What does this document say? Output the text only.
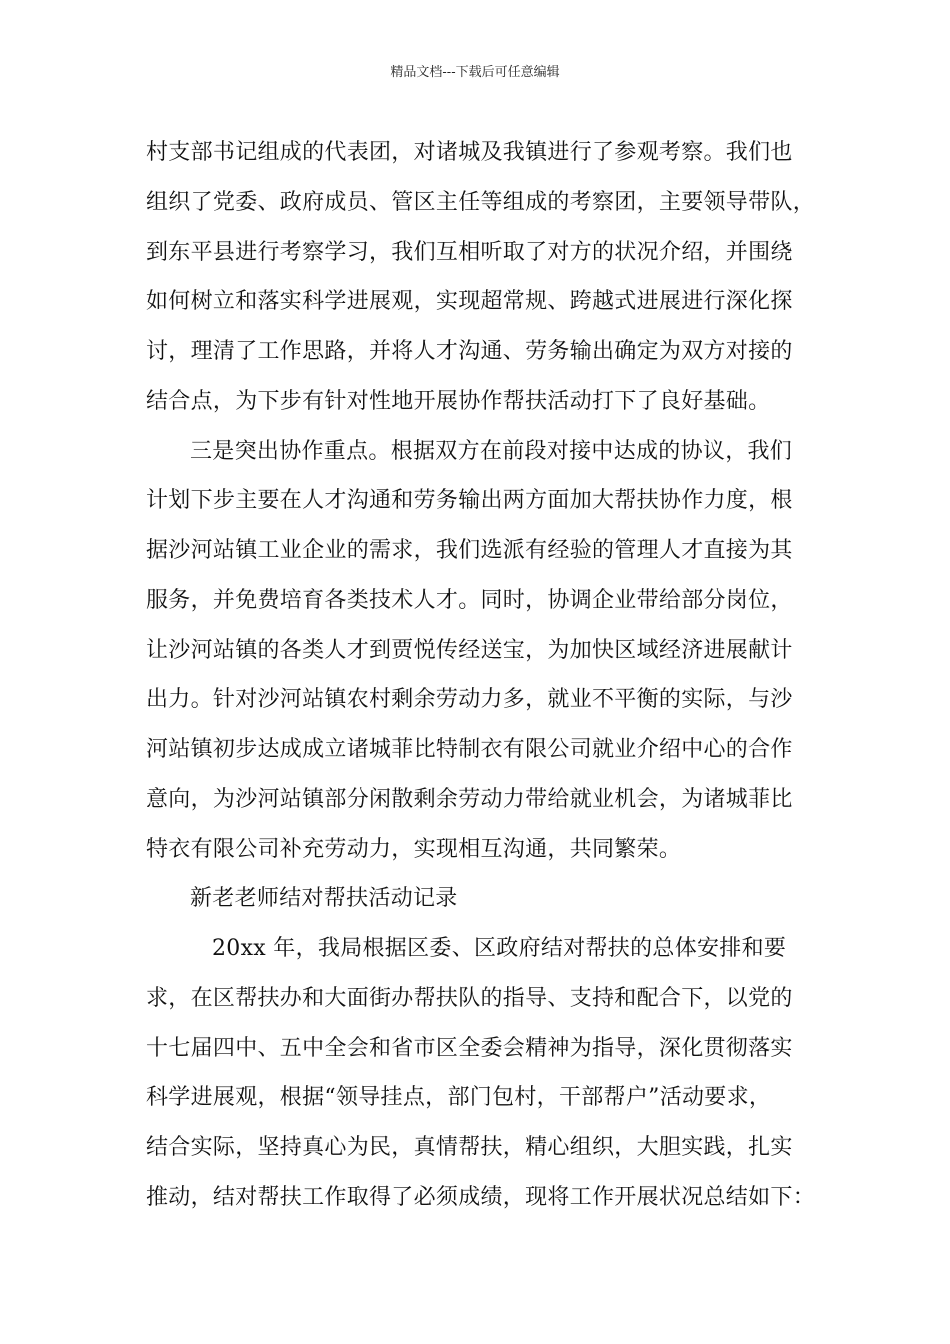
精品文档---下载后可任意编辑
村支部书记组成的代表团，对诸城及我镇进行了参观考察。我们也
组织了党委、政府成员、管区主任等组成的考察团，主要领导带队，
到东平县进行考察学习，我们互相听取了对方的状况介绍，并围绕
如何树立和落实科学进展观，实现超常规、跨越式进展进行深化探
讨，理清了工作思路，并将人才沟通、劳务输出确定为双方对接的
结合点，为下步有针对性地开展协作帮扶活动打下了良好基础。
三是突出协作重点。根据双方在前段对接中达成的协议，我们
计划下步主要在人才沟通和劳务输出两方面加大帮扶协作力度，根
据沙河站镇工业企业的需求，我们选派有经验的管理人才直接为其
服务，并免费培育各类技术人才。同时，协调企业带给部分岗位，
让沙河站镇的各类人才到贾悦传经送宝，为加快区域经济进展献计
出力。针对沙河站镇农村剩余劳动力多，就业不平衡的实际，与沙
河站镇初步达成成立诸城菲比特制衣有限公司就业介绍中心的合作
意向，为沙河站镇部分闲散剩余劳动力带给就业机会，为诸城菲比
特衣有限公司补充劳动力，实现相互沟通，共同繁荣。
新老老师结对帮扶活动记录
20xx 年，我局根据区委、区政府结对帮扶的总体安排和要
求，在区帮扶办和大面街办帮扶队的指导、支持和配合下，以党的
十七届四中、五中全会和省市区全委会精神为指导，深化贯彻落实
科学进展观，根据“领导挂点，部门包村，干部帮户”活动要求，
结合实际，坚持真心为民，真情帮扶，精心组织，大胆实践，扎实
推动，结对帮扶工作取得了必须成绩，现将工作开展状况总结如下：
